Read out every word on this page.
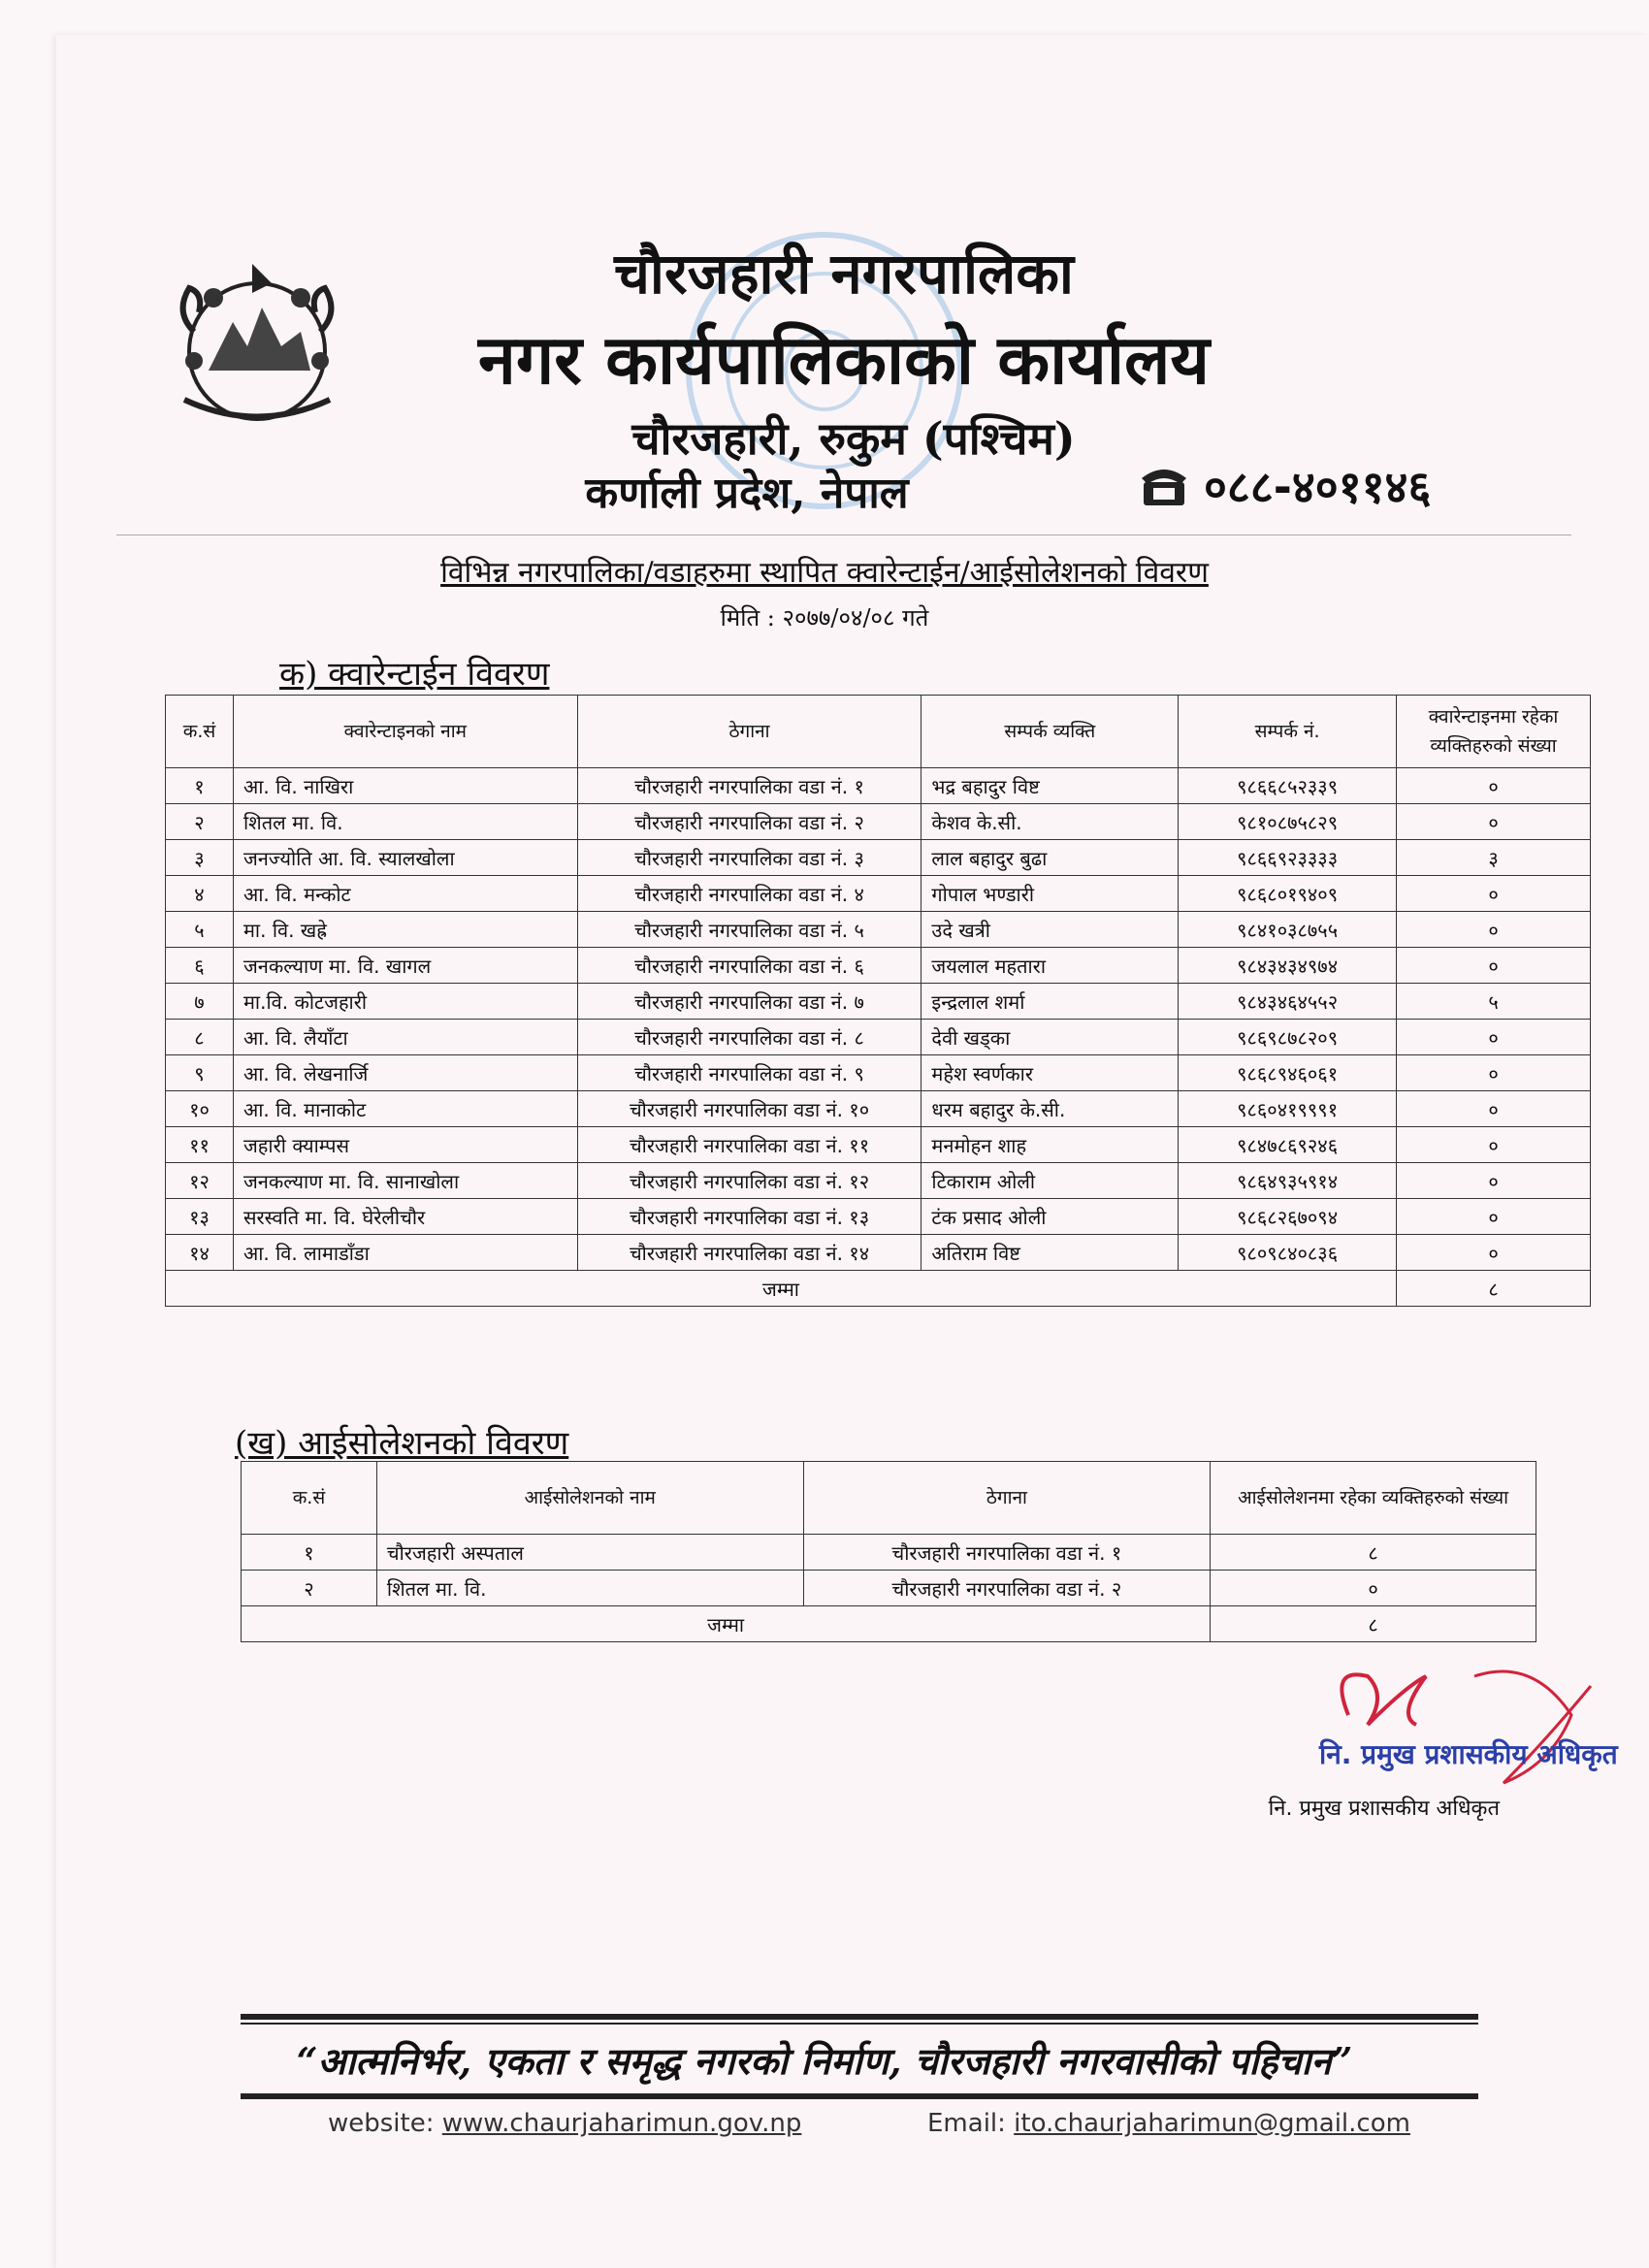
चौरजहारी नगरपालिका
नगर कार्यपालिकाको कार्यालय
चौरजहारी, रुकुम (पश्चिम)
कर्णाली प्रदेश, नेपाल	०८८-४०११४६
विभिन्न नगरपालिका/वडाहरुमा स्थापित क्वारेन्टाईन/आईसोलेशनको विवरण
मिति : २०७७/०४/०८ गते
क) क्वारेन्टाईन विवरण
क.सं	क्वारेन्टाइनको नाम	ठेगाना	सम्पर्क व्यक्ति	सम्पर्क नं.	क्वारेन्टाइनमा रहेका व्यक्तिहरुको संख्या
१	आ. वि. नाखिरा	चौरजहारी नगरपालिका वडा नं. १	भद्र बहादुर विष्ट	९८६६८५२३३९	०
२	शितल मा. वि.	चौरजहारी नगरपालिका वडा नं. २	केशव के.सी.	९८१०८७५८२९	०
३	जनज्योति आ. वि. स्यालखोला	चौरजहारी नगरपालिका वडा नं. ३	लाल बहादुर बुढा	९८६६९२३३३३	३
४	आ. वि. मन्कोट	चौरजहारी नगरपालिका वडा नं. ४	गोपाल भण्डारी	९८६८०१९४०९	०
५	मा. वि. खह्रे	चौरजहारी नगरपालिका वडा नं. ५	उदे खत्री	९८४१०३८७५५	०
६	जनकल्याण मा. वि. खागल	चौरजहारी नगरपालिका वडा नं. ६	जयलाल महतारा	९८४३४३४९७४	०
७	मा.वि. कोटजहारी	चौरजहारी नगरपालिका वडा नं. ७	इन्द्रलाल शर्मा	९८४३४६४५५२	५
८	आ. वि. लैयाँटा	चौरजहारी नगरपालिका वडा नं. ८	देवी खड्का	९८६९८७८२०९	०
९	आ. वि. लेखनार्जि	चौरजहारी नगरपालिका वडा नं. ९	महेश स्वर्णकार	९८६८९४६०६१	०
१०	आ. वि. मानाकोट	चौरजहारी नगरपालिका वडा नं. १०	धरम बहादुर के.सी.	९८६०४१९९९१	०
११	जहारी क्याम्पस	चौरजहारी नगरपालिका वडा नं. ११	मनमोहन शाह	९८४७८६९२४६	०
१२	जनकल्याण मा. वि. सानाखोला	चौरजहारी नगरपालिका वडा नं. १२	टिकाराम ओली	९८६४९३५९१४	०
१३	सरस्वति मा. वि. घेरेलीचौर	चौरजहारी नगरपालिका वडा नं. १३	टंक प्रसाद ओली	९८६८२६७०९४	०
१४	आ. वि. लामाडाँडा	चौरजहारी नगरपालिका वडा नं. १४	अतिराम विष्ट	९८०९८४०८३६	०
जम्मा					८
(ख) आईसोलेशनको विवरण
क.सं	आईसोलेशनको नाम	ठेगाना	आईसोलेशनमा रहेका व्यक्तिहरुको संख्या
१	चौरजहारी अस्पताल	चौरजहारी नगरपालिका वडा नं. १	८
२	शितल मा. वि.	चौरजहारी नगरपालिका वडा नं. २	०
जम्मा			८
नि. प्रमुख प्रशासकीय अधिकृत
नि. प्रमुख प्रशासकीय अधिकृत
“आत्मनिर्भर, एकता र समृद्ध नगरको निर्माण, चौरजहारी नगरवासीको पहिचान”
website: www.chaurjaharimun.gov.np	Email: ito.chaurjaharimun@gmail.com
